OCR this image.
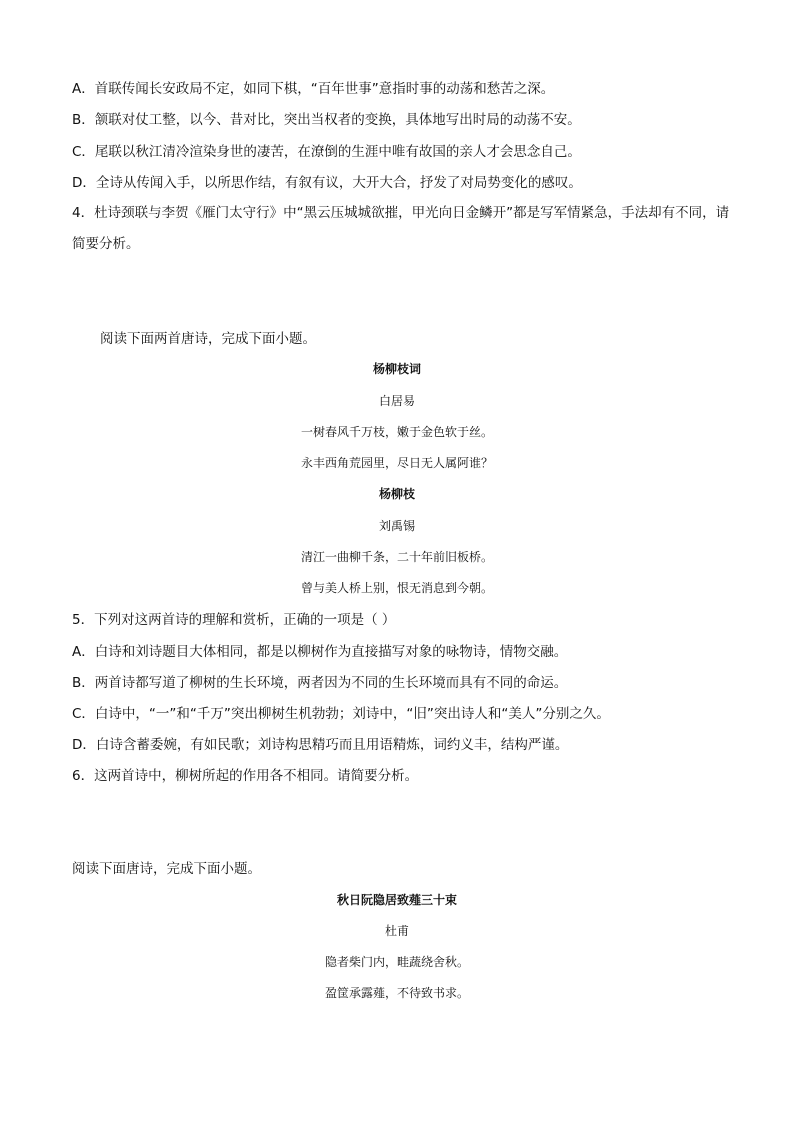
A．首联传闻长安政局不定，如同下棋，“百年世事”意指时事的动荡和愁苦之深。
B．颔联对仗工整，以今、昔对比，突出当权者的变换，具体地写出时局的动荡不安。
C．尾联以秋江清冷渲染身世的凄苦，在潦倒的生涯中唯有故国的亲人才会思念自己。
D．全诗从传闻入手，以所思作结，有叙有议，大开大合，抒发了对局势变化的感叹。
4．杜诗颈联与李贺《雁门太守行》中“黑云压城城欲摧，甲光向日金鳞开”都是写军情紧急，手法却有不同，请简要分析。
阅读下面两首唐诗，完成下面小题。
杨柳枝词
白居易
一树春风千万枝，嫩于金色软于丝。
永丰西角荒园里，尽日无人属阿谁？
杨柳枝
刘禹锡
清江一曲柳千条，二十年前旧板桥。
曾与美人桥上别，恨无消息到今朝。
5．下列对这两首诗的理解和赏析，正确的一项是（ ）
A．白诗和刘诗题目大体相同，都是以柳树作为直接描写对象的咏物诗，情物交融。
B．两首诗都写道了柳树的生长环境，两者因为不同的生长环境而具有不同的命运。
C．白诗中，“一”和“千万”突出柳树生机勃勃；刘诗中，“旧”突出诗人和“美人”分别之久。
D．白诗含蓄委婉，有如民歌；刘诗构思精巧而且用语精炼，词约义丰，结构严谨。
6．这两首诗中，柳树所起的作用各不相同。请简要分析。
阅读下面唐诗，完成下面小题。
秋日阮隐居致薤三十束
杜甫
隐者柴门内，畦蔬绕舍秋。
盈筐承露薤，不待致书求。
